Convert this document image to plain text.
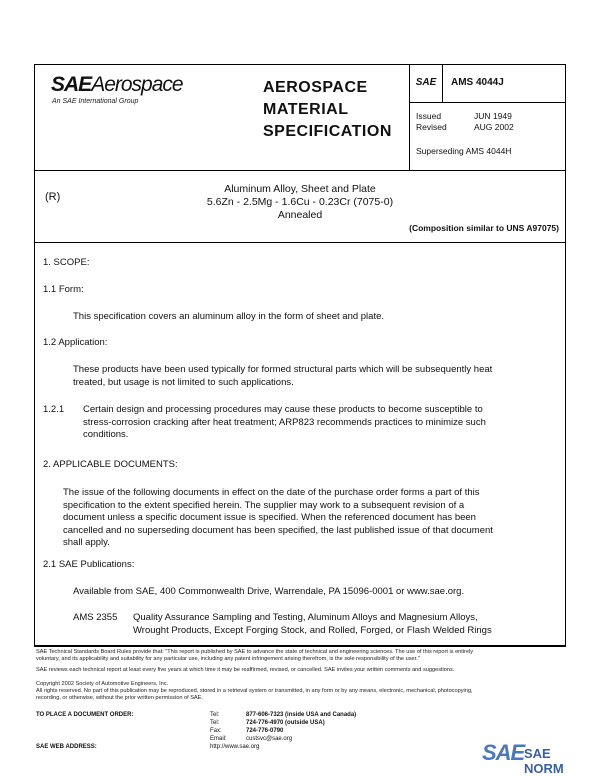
SAEAerospace
An SAE International Group
AEROSPACE
MATERIAL
SPECIFICATION
SAE	AMS 4044J
Issued	JUN 1949
Revised	AUG 2002
Superseding AMS 4044H
(R)
Aluminum Alloy, Sheet and Plate
5.6Zn - 2.5Mg - 1.6Cu - 0.23Cr (7075-0)
Annealed
(Composition similar to UNS A97075)
1. SCOPE:
1.1 Form:
This specification covers an aluminum alloy in the form of sheet and plate.
1.2 Application:
These products have been used typically for formed structural parts which will be subsequently heat
treated, but usage is not limited to such applications.
1.2.1 Certain design and processing procedures may cause these products to become susceptible to
stress-corrosion cracking after heat treatment; ARP823 recommends practices to minimize such
conditions.
2. APPLICABLE DOCUMENTS:
The issue of the following documents in effect on the date of the purchase order forms a part of this
specification to the extent specified herein. The supplier may work to a subsequent revision of a
document unless a specific document issue is specified. When the referenced document has been
cancelled and no superseding document has been specified, the last published issue of that document
shall apply.
2.1 SAE Publications:
Available from SAE, 400 Commonwealth Drive, Warrendale, PA 15096-0001 or www.sae.org.
AMS 2355 Quality Assurance Sampling and Testing, Aluminum Alloys and Magnesium Alloys,
Wrought Products, Except Forging Stock, and Rolled, Forged, or Flash Welded Rings
SAE Technical Standards Board Rules provide that: "This report is published by SAE to advance the state of technical and engineering sciences. The use of this report is entirely
voluntary, and its applicability and suitability for any particular use, including any patent infringement arising therefrom, is the sole responsibility of the user."
SAE reviews each technical report at least every five years at which time it may be reaffirmed, revised, or cancelled. SAE invites your written comments and suggestions.
Copyright 2002 Society of Automotive Engineers, Inc.
All rights reserved. No part of this publication may be reproduced, stored in a retrieval system or transmitted, in any form or by any means, electronic, mechanical, photocopying,
recording, or otherwise, without the prior written permission of SAE.
TO PLACE A DOCUMENT ORDER:
SAE WEB ADDRESS:
Tel:	877-606-7323 (inside USA and Canada)
Tel:	724-776-4970 (outside USA)
Fax:	724-776-0790
Email:	custsvc@sae.org
http://www.sae.org	SAE SAE NORM
